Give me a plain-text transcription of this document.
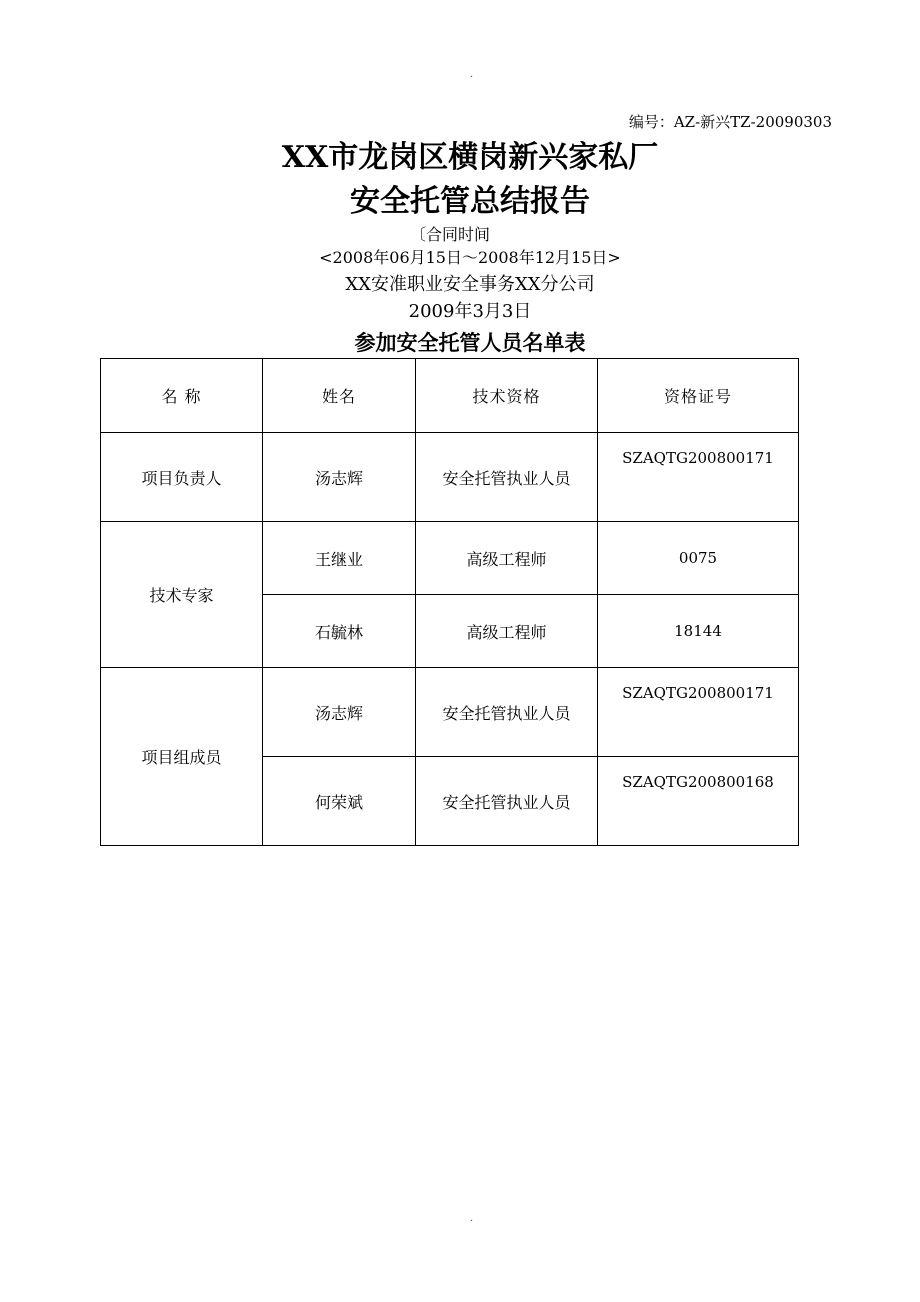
.
编号：AZ-新兴TZ-20090303
XX市龙岗区横岗新兴家私厂
安全托管总结报告
〔合同时间
<2008年06月15日～2008年12月15日>
XX安准职业安全事务XX分公司
2009年3月3日
参加安全托管人员名单表
名 称	姓名	技术资格	资格证号
项目负责人	汤志辉	安全托管执业人员	SZAQTG200800171
技术专家	王继业	高级工程师	0075
	石毓林	高级工程师	18144
项目组成员	汤志辉	安全托管执业人员	SZAQTG200800171
	何荣斌	安全托管执业人员	SZAQTG200800168
.
